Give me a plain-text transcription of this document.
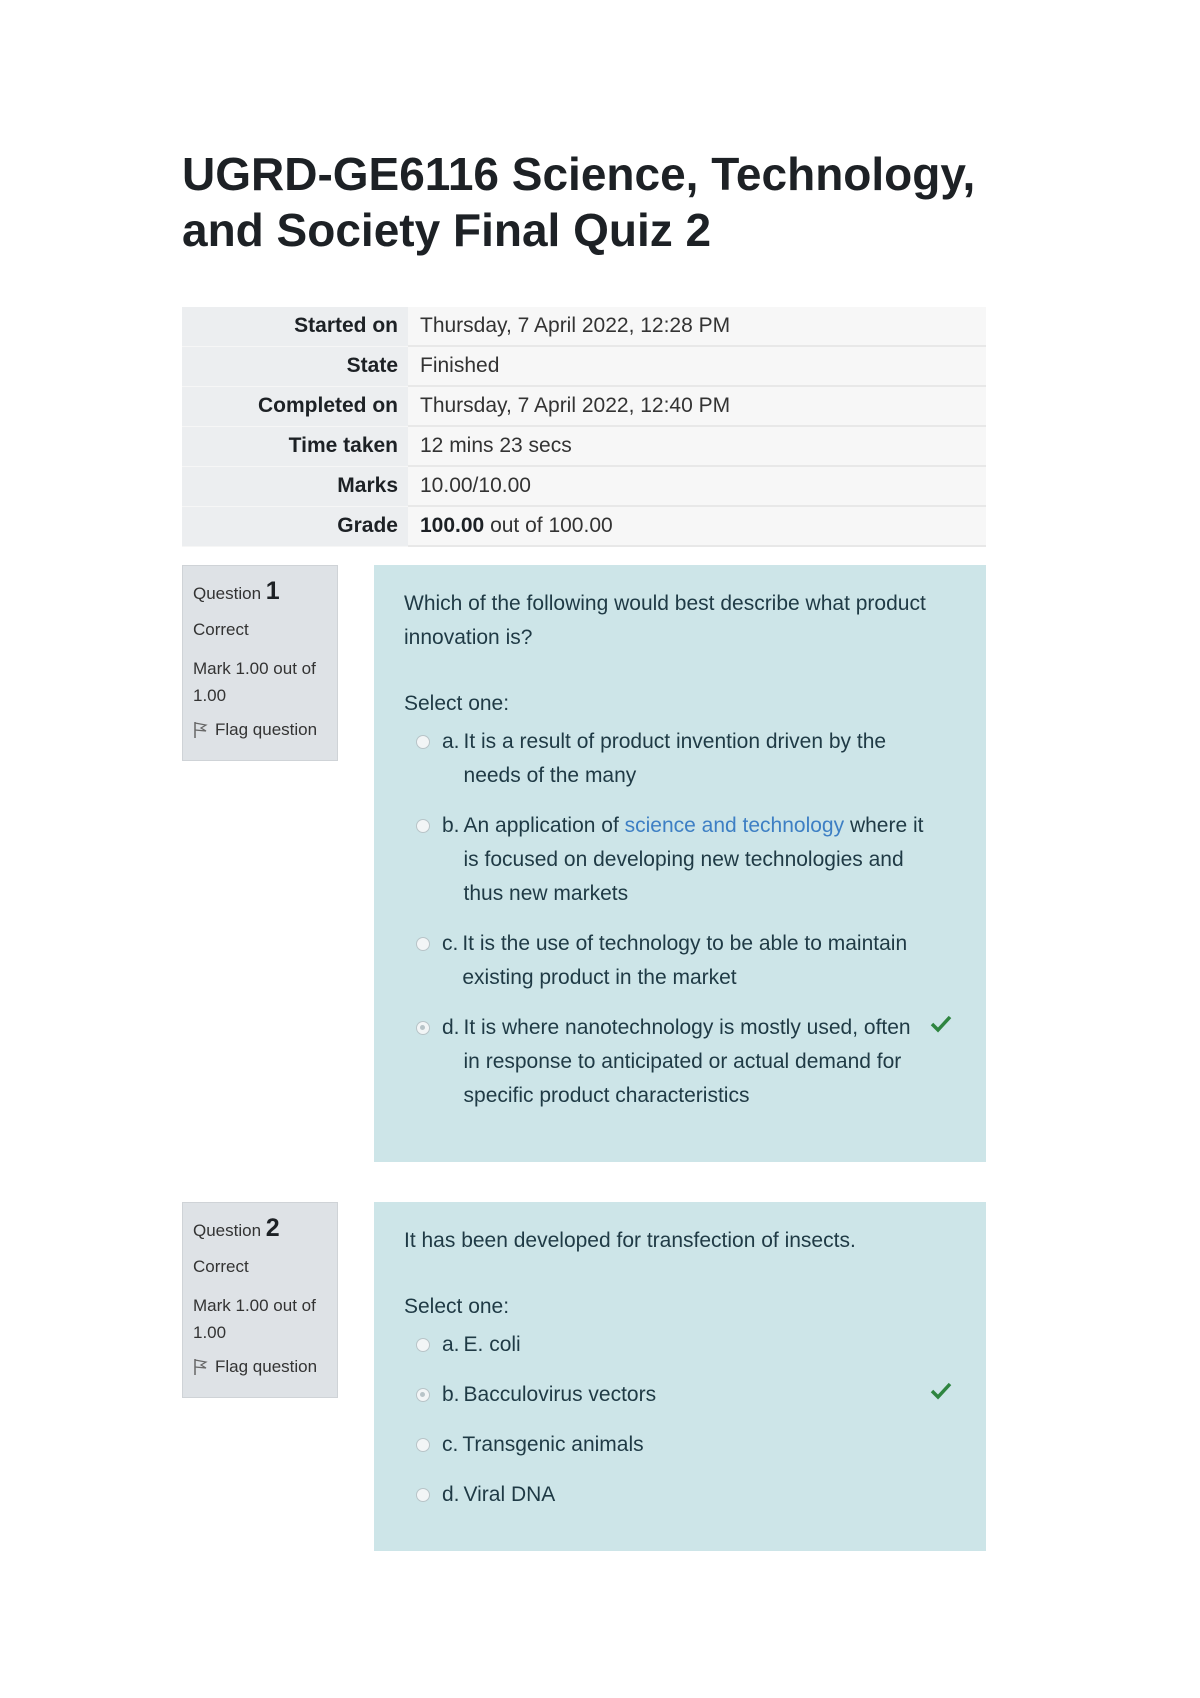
UGRD-GE6116 Science, Technology, and Society Final Quiz 2
Started on	Thursday, 7 April 2022, 12:28 PM
State	Finished
Completed on	Thursday, 7 April 2022, 12:40 PM
Time taken	12 mins 23 secs
Marks	10.00/10.00
Grade	100.00 out of 100.00
Question 1
Correct
Mark 1.00 out of 1.00
Flag question

Which of the following would best describe what product innovation is?

Select one:

a. It is a result of product invention driven by the needs of the many
b. An application of science and technology where it is focused on developing new technologies and thus new markets
c. It is the use of technology to be able to maintain existing product in the market
d. It is where nanotechnology is mostly used, often in response to anticipated or actual demand for specific product characteristics
Question 2
Correct
Mark 1.00 out of 1.00
Flag question

It has been developed for transfection of insects.

Select one:

a. E. coli
b. Bacculovirus vectors
c. Transgenic animals
d. Viral DNA
